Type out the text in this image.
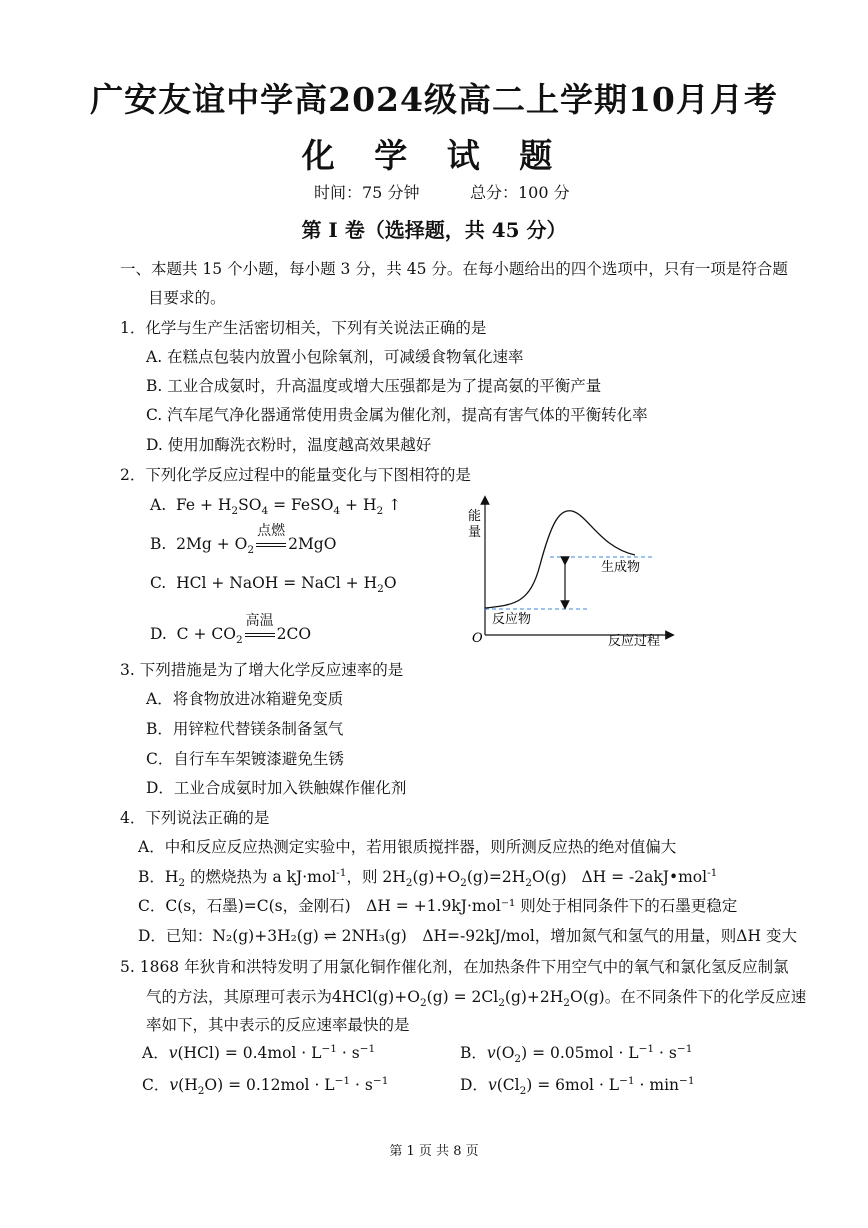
广安友谊中学高2024级高二上学期10月月考
化 学 试 题
时间：75 分钟	总分：100 分
第 Ⅰ 卷（选择题，共 45 分）
一、本题共 15 个小题，每小题 3 分，共 45 分。在每小题给出的四个选项中，只有一项是符合题
目要求的。
1．化学与生产生活密切相关，下列有关说法正确的是
A. 在糕点包装内放置小包除氧剂，可减缓食物氧化速率
B. 工业合成氨时，升高温度或增大压强都是为了提高氨的平衡产量
C. 汽车尾气净化器通常使用贵金属为催化剂，提高有害气体的平衡转化率
D. 使用加酶洗衣粉时，温度越高效果越好
2．下列化学反应过程中的能量变化与下图相符的是
A.  $Fe + H_2SO_4$ = FeSO$_4$ + $H_2$ ↑
B.  $2Mg + O_2$
点燃
2MgO
C.  HCl + NaOH = NaCl + $H_2O$
D.  $C + CO_2$
高温
2CO
能
量
O	反应过程
生成物
反应物
3. 下列措施是为了增大化学反应速率的是
A．将食物放进冰箱避免变质
B．用锌粒代替镁条制备氢气
C．自行车车架镀漆避免生锈
D．工业合成氨时加入铁触媒作催化剂
4．下列说法正确的是
A．中和反应反应热测定实验中，若用银质搅拌器，则所测反应热的绝对值偏大
B．$H_2$ 的燃烧热为 a kJ·mol$^{-1}$，则 $2H_2(g)+O_2(g)=2H_2O(g) \Delta H$ = -2akJ•mol$^{-1}$
C．C(s，石墨)=C(s，金刚石)　ΔH = +1.9kJ·mol⁻¹ 则处于相同条件下的石墨更稳定
D．已知：N₂(g)+3H₂(g) ⇌ 2NH₃(g)　ΔH=-92kJ/mol，增加氮气和氢气的用量，则ΔH 变大
5. 1868 年狄肯和洪特发明了用氯化铜作催化剂，在加热条件下用空气中的氧气和氯化氢反应制氯
气的方法，其原理可表示为$4HCl(g)+O_2(g) = 2Cl_2(g)+2H_2O(g)$。在不同条件下的化学反应速
率如下，其中表示的反应速率最快的是
A．$v(HCl) = 0.4mol \cdot L^{-1} \cdot s^{-1}$	B．$v(O_2) = 0.05mol \cdot L^{-1} \cdot s^{-1}$
C．$v(H_2O) = 0.12mol \cdot L^{-1} \cdot s^{-1}$	D．$v(Cl_2) = 6mol \cdot L^{-1} \cdot \min^{-1}$
第 1 页 共 8 页
